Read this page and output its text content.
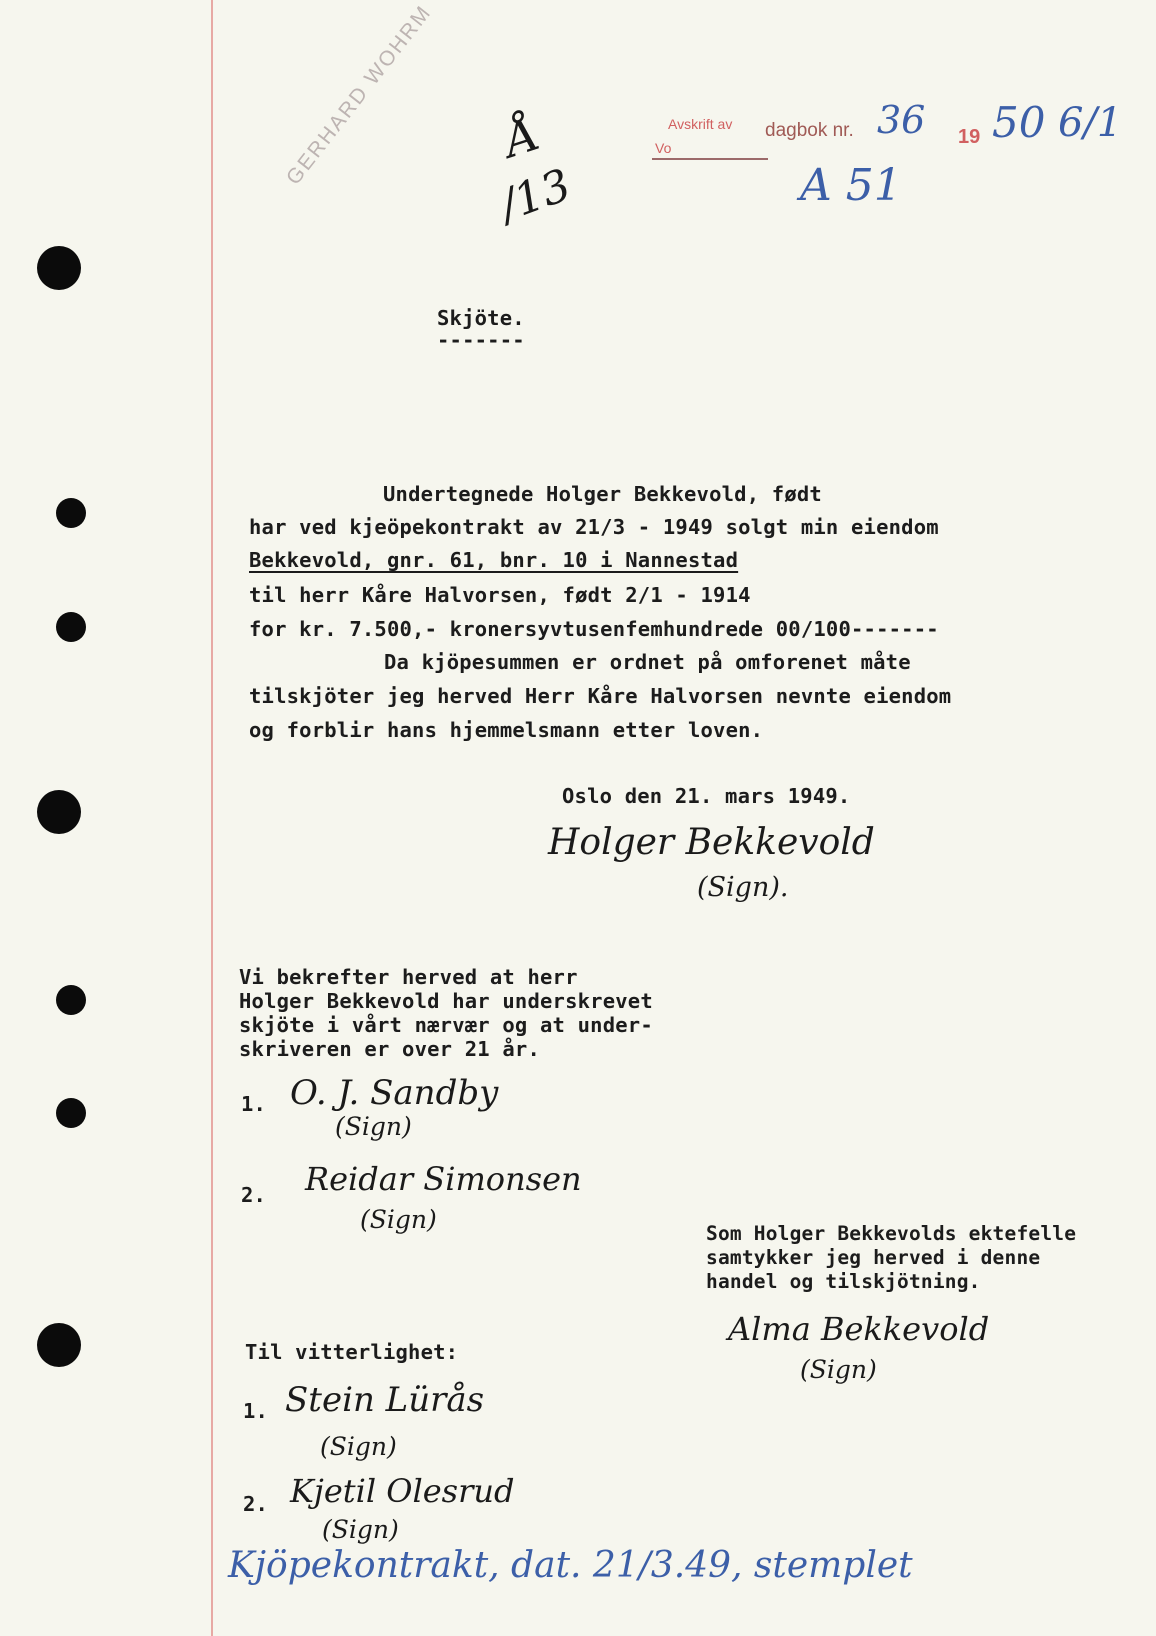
GERHARD WOHRM	Avskrift av
Vo
dagbok nr. 36 19 50 6/1
A 51
Å
/13
Skjöte.
-------
Undertegnede Holger Bekkevold, født
har ved kjeöpekontrakt av 21/3 - 1949 solgt min eiendom
Bekkevold, gnr. 61, bnr. 10 i Nannestad
til herr Kåre Halvorsen, født 2/1 - 1914
for kr. 7.500,- kronersyvtusenfemhundrede 00/100-------
Da kjöpesummen er ordnet på omforenet måte
tilskjöter jeg herved Herr Kåre Halvorsen nevnte eiendom
og forblir hans hjemmelsmann etter loven.
Oslo den 21. mars 1949.
Holger Bekkevold
(Sign).
Vi bekrefter herved at herr
Holger Bekkevold har underskrevet
skjöte i vårt nærvær og at under-
skriveren er over 21 år.
1. O. J. Sandby
(Sign)
2. Reidar Simonsen
(Sign)	Som Holger Bekkevolds ektefelle
samtykker jeg herved i denne
handel og tilskjötning.
Alma Bekkevold
(Sign)
Til vitterlighet:
1. Stein Lürås
(Sign)
2. Kjetil Olesrud
(Sign)
Kjöpekontrakt, dat. 21/3.49, stemplet
